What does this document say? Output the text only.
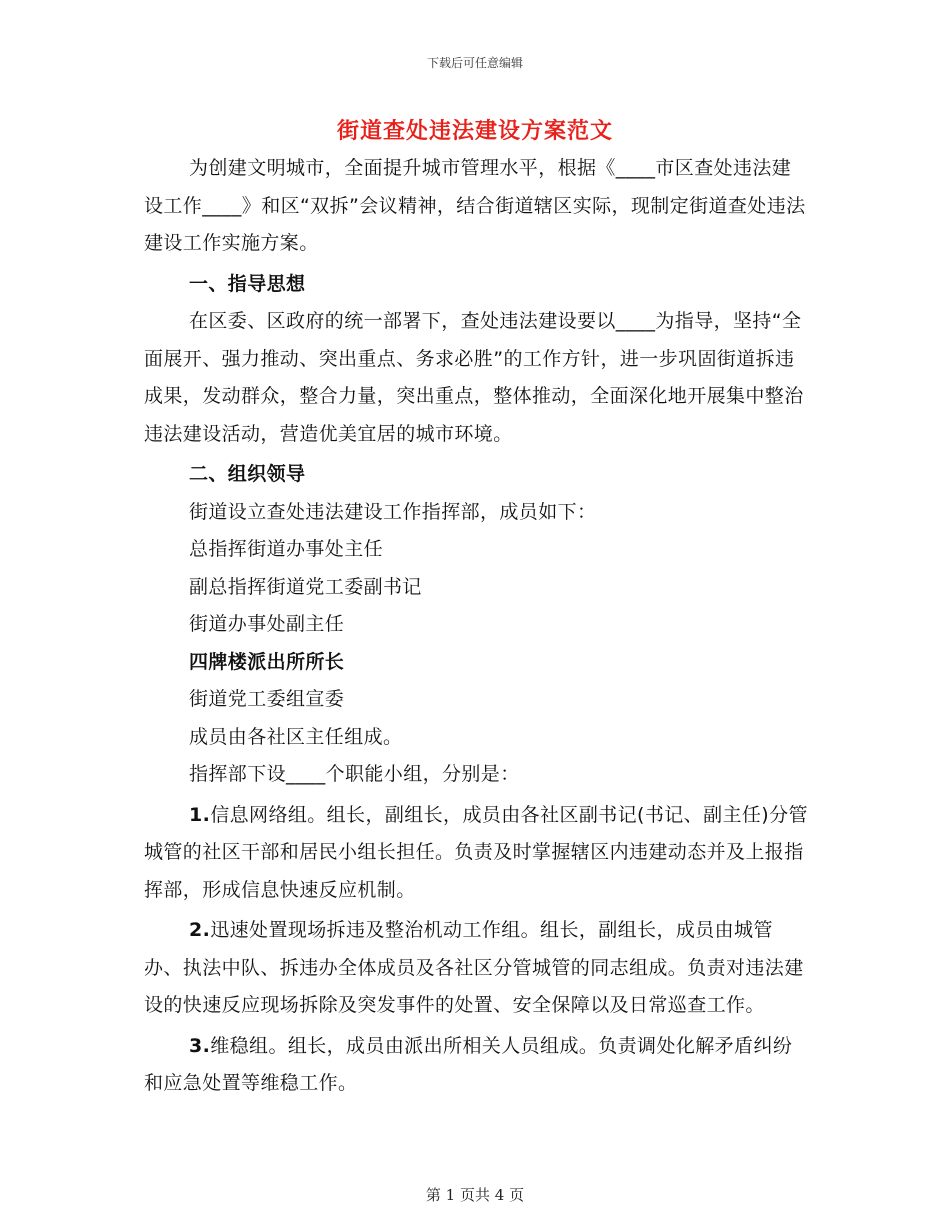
下载后可任意编辑
街道查处违法建设方案范文

为创建文明城市，全面提升城市管理水平，根据《____市区查处违法建设工作____》和区“双拆”会议精神，结合街道辖区实际，现制定街道查处违法建设工作实施方案。

一、指导思想

在区委、区政府的统一部署下，查处违法建设要以____为指导，坚持“全面展开、强力推动、突出重点、务求必胜”的工作方针，进一步巩固街道拆违成果，发动群众，整合力量，突出重点，整体推动，全面深化地开展集中整治违法建设活动，营造优美宜居的城市环境。

二、组织领导

街道设立查处违法建设工作指挥部，成员如下：

总指挥街道办事处主任

副总指挥街道党工委副书记

街道办事处副主任

四牌楼派出所所长

街道党工委组宣委

成员由各社区主任组成。

指挥部下设____个职能小组，分别是：

1.信息网络组。组长，副组长，成员由各社区副书记(书记、副主任)分管城管的社区干部和居民小组长担任。负责及时掌握辖区内违建动态并及上报指挥部，形成信息快速反应机制。

2.迅速处置现场拆违及整治机动工作组。组长，副组长，成员由城管办、执法中队、拆违办全体成员及各社区分管城管的同志组成。负责对违法建设的快速反应现场拆除及突发事件的处置、安全保障以及日常巡查工作。

3.维稳组。组长，成员由派出所相关人员组成。负责调处化解矛盾纠纷和应急处置等维稳工作。

第 1 页共 4 页
